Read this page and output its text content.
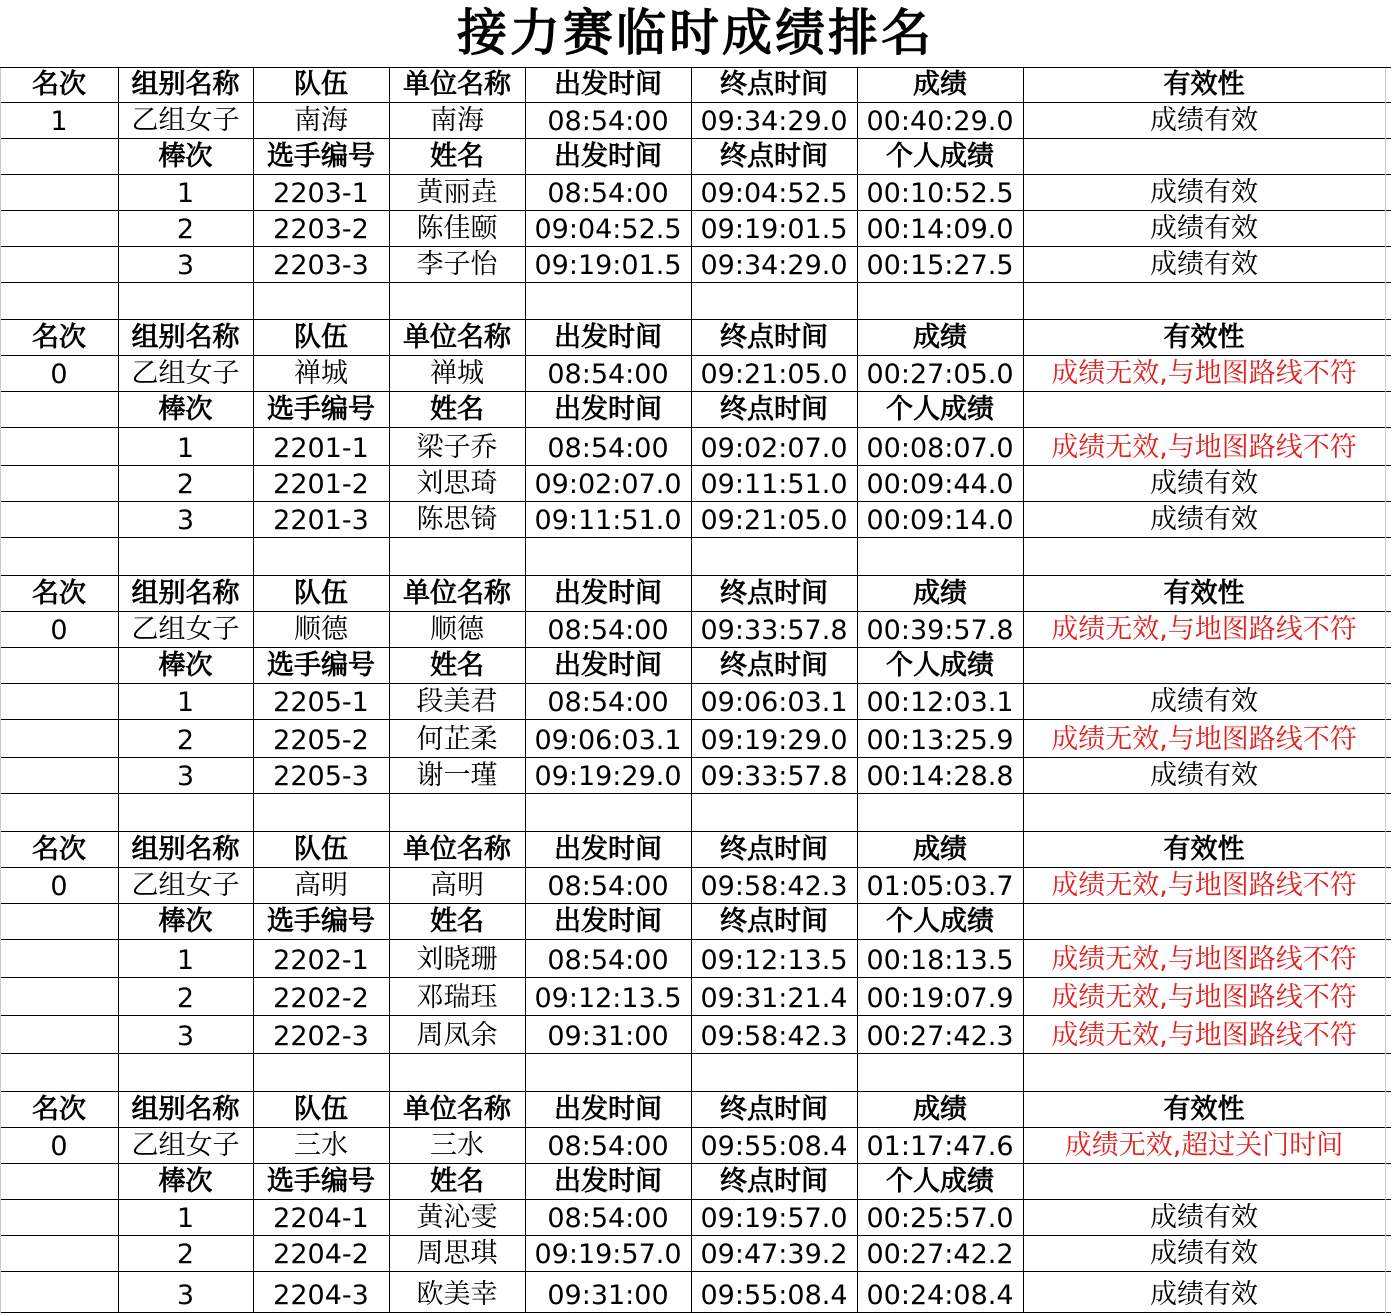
接力赛临时成绩排名
名次	组别名称	队伍	单位名称	出发时间	终点时间	成绩	有效性
1	乙组女子	南海	南海	08:54:00	09:34:29.0 00:40:29.0	成绩有效
棒次	选手编号	姓名	出发时间	终点时间	个人成绩
1	2203-1	黄丽垚	08:54:00	09:04:52.5 00:10:52.5	成绩有效
2	2203-2	陈佳颐	09:04:52.5 09:19:01.5 00:14:09.0	成绩有效
3	2203-3	李子怡	09:19:01.5 09:34:29.0 00:15:27.5	成绩有效
名次	组别名称	队伍	单位名称	出发时间	终点时间	成绩	有效性
0	乙组女子	禅城	禅城	08:54:00	09:21:05.0 00:27:05.0	成绩无效,与地图路线不符
棒次	选手编号	姓名	出发时间	终点时间	个人成绩
1	2201-1	梁子乔	08:54:00	09:02:07.0 00:08:07.0	成绩无效,与地图路线不符
2	2201-2	刘思琦	09:02:07.0 09:11:51.0 00:09:44.0	成绩有效
3	2201-3	陈思锜	09:11:51.0 09:21:05.0 00:09:14.0	成绩有效
名次	组别名称	队伍	单位名称	出发时间	终点时间	成绩	有效性
0	乙组女子	顺德	顺德	08:54:00	09:33:57.8 00:39:57.8	成绩无效,与地图路线不符
棒次	选手编号	姓名	出发时间	终点时间	个人成绩
1	2205-1	段美君	08:54:00	09:06:03.1 00:12:03.1	成绩有效
2	2205-2	何芷柔	09:06:03.1 09:19:29.0 00:13:25.9	成绩无效,与地图路线不符
3	2205-3	谢一瑾	09:19:29.0 09:33:57.8 00:14:28.8	成绩有效
名次	组别名称	队伍	单位名称	出发时间	终点时间	成绩	有效性
0	乙组女子	高明	高明	08:54:00	09:58:42.3 01:05:03.7	成绩无效,与地图路线不符
棒次	选手编号	姓名	出发时间	终点时间	个人成绩
1	2202-1	刘晓珊	08:54:00	09:12:13.5 00:18:13.5	成绩无效,与地图路线不符
2	2202-2	邓瑞珏	09:12:13.5 09:31:21.4 00:19:07.9	成绩无效,与地图路线不符
3	2202-3	周凤余	09:31:00	09:58:42.3 00:27:42.3	成绩无效,与地图路线不符
名次	组别名称	队伍	单位名称	出发时间	终点时间	成绩	有效性
0	乙组女子	三水	三水	08:54:00	09:55:08.4 01:17:47.6	成绩无效,超过关门时间
棒次	选手编号	姓名	出发时间	终点时间	个人成绩
1	2204-1	黄沁雯	08:54:00	09:19:57.0 00:25:57.0	成绩有效
2	2204-2	周思琪	09:19:57.0 09:47:39.2 00:27:42.2	成绩有效
3	2204-3	欧美幸	09:31:00	09:55:08.4 00:24:08.4	成绩有效
